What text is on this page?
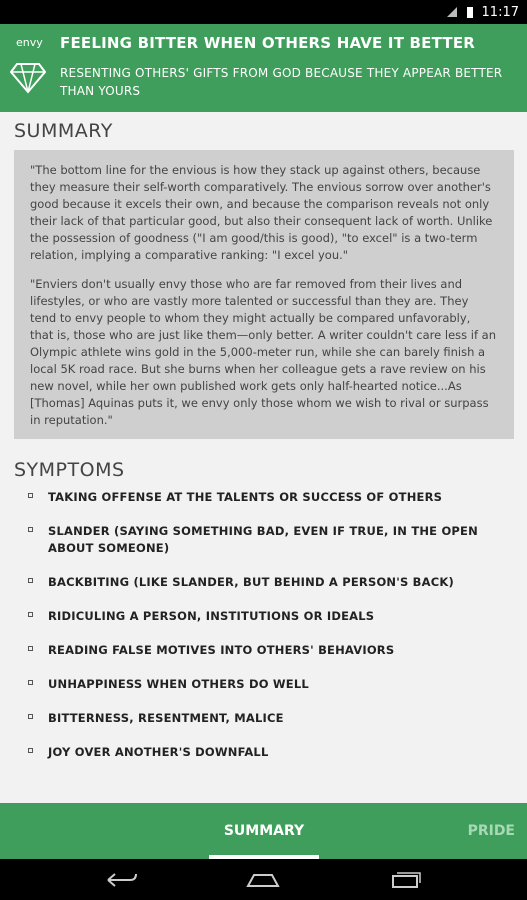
11:17
envy FEELING BITTER WHEN OTHERS HAVE IT BETTER
RESENTING OTHERS' GIFTS FROM GOD BECAUSE THEY APPEAR BETTER THAN YOURS
SUMMARY

"The bottom line for the envious is how they stack up against others, because they measure their self-worth comparatively. The envious sorrow over another's good because it excels their own, and because the comparison reveals not only their lack of that particular good, but also their consequent lack of worth. Unlike the possession of goodness ("I am good/this is good), "to excel" is a two-term relation, implying a comparative ranking: "I excel you."

"Enviers don't usually envy those who are far removed from their lives and lifestyles, or who are vastly more talented or successful than they are. They tend to envy people to whom they might actually be compared unfavorably, that is, those who are just like them—only better. A writer couldn't care less if an Olympic athlete wins gold in the 5,000-meter run, while she can barely finish a local 5K road race. But she burns when her colleague gets a rave review on his new novel, while her own published work gets only half-hearted notice...As [Thomas] Aquinas puts it, we envy only those whom we wish to rival or surpass in reputation."

SYMPTOMS
TAKING OFFENSE AT THE TALENTS OR SUCCESS OF OTHERS
SLANDER (SAYING SOMETHING BAD, EVEN IF TRUE, IN THE OPEN ABOUT SOMEONE)
BACKBITING (LIKE SLANDER, BUT BEHIND A PERSON'S BACK)
RIDICULING A PERSON, INSTITUTIONS OR IDEALS
READING FALSE MOTIVES INTO OTHERS' BEHAVIORS
UNHAPPINESS WHEN OTHERS DO WELL
BITTERNESS, RESENTMENT, MALICE
JOY OVER ANOTHER'S DOWNFALL
SUMMARY	PRIDE
